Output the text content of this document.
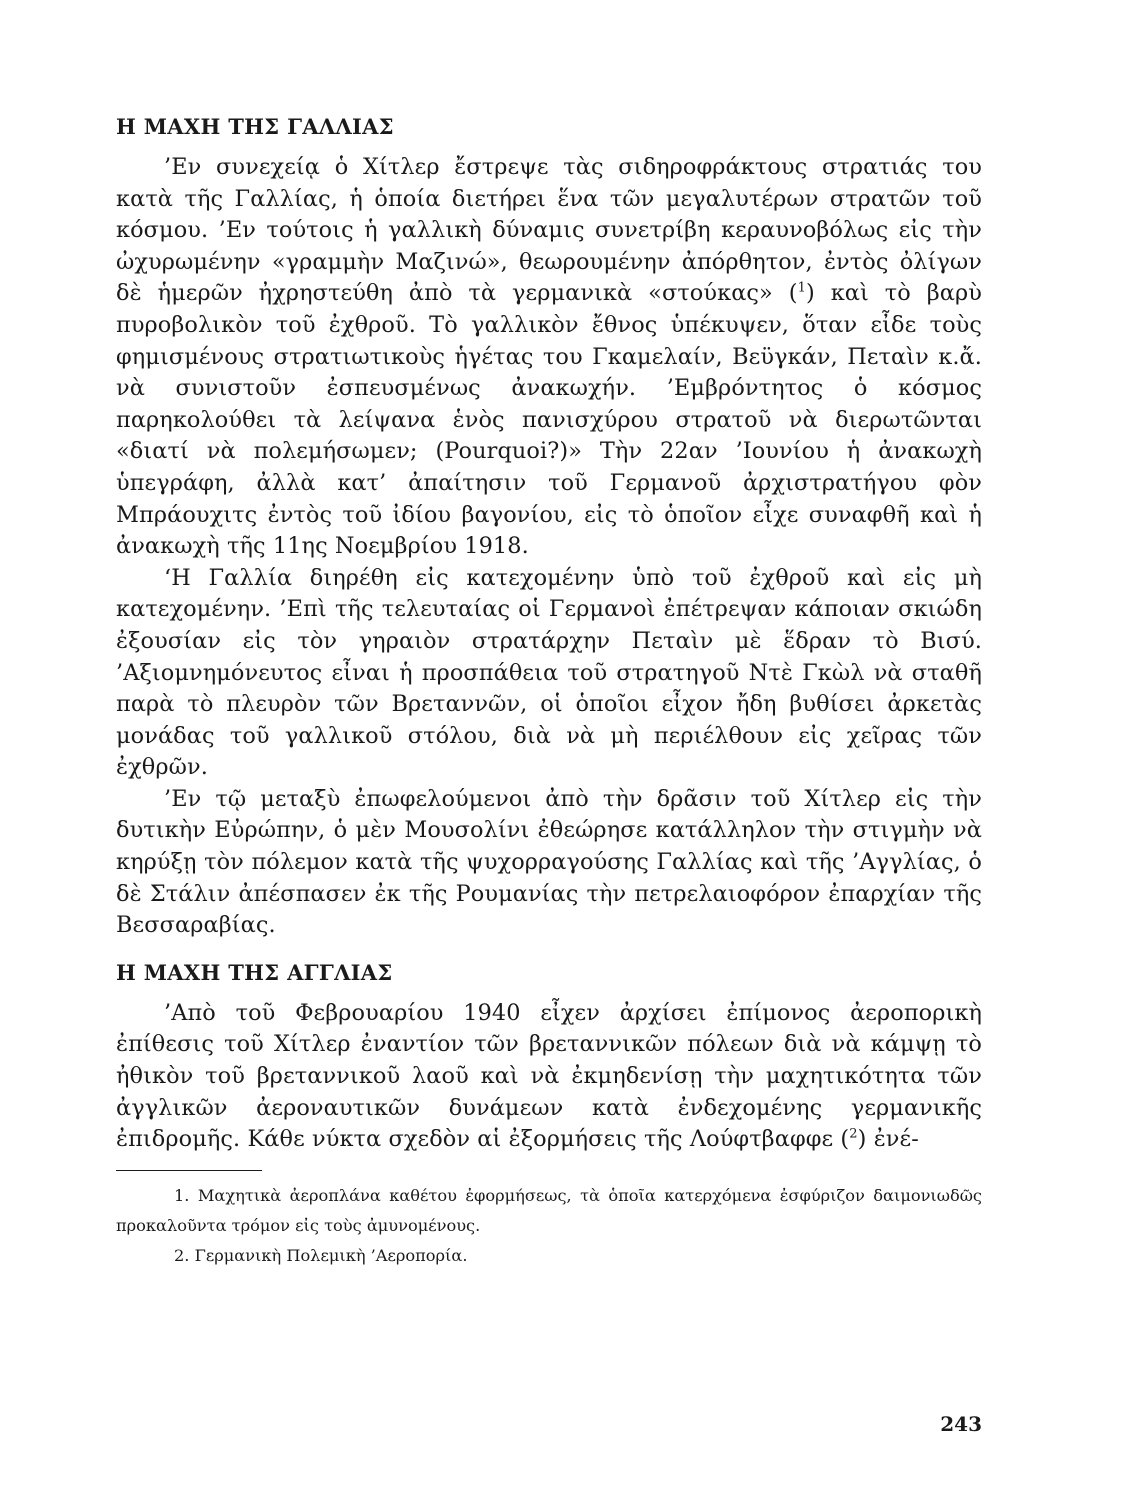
Η ΜΑΧΗ ΤΗΣ ΓΑΛΛΙΑΣ

’Εν συνεχείᾳ ὁ Χίτλερ ἔστρεψε τὰς σιδηροφράκτους στρατιάς του κατὰ τῆς Γαλλίας, ἡ ὁποία διετήρει ἕνα τῶν μεγαλυτέρων στρατῶν τοῦ κόσμου. ’Εν τούτοις ἡ γαλλικὴ δύναμις συνετρίβη κεραυνοβόλως εἰς τὴν ὠχυρωμένην «γραμμὴν Μαζινώ», θεωρουμένην ἀπόρθητον, ἐντὸς ὀλίγων δὲ ἡμερῶν ἠχρηστεύθη ἀπὸ τὰ γερμανικὰ «στούκας» ($^1$) καὶ τὸ βαρὺ πυροβολικὸν τοῦ ἐχθροῦ. Τὸ γαλλικὸν ἔθνος ὑπέκυψεν, ὅταν εἶδε τοὺς φημισμένους στρατιωτικοὺς ἡγέτας του Γκαμελαίν, Βεϋγκάν, Πεταὶν κ.ἄ. νὰ συνιστοῦν ἐσπευσμένως ἀνακωχήν. ’Εμβρόντητος ὁ κόσμος παρηκολούθει τὰ λείψανα ἑνὸς πανισχύρου στρατοῦ νὰ διερωτῶνται «διατί νὰ πολεμήσωμεν; (Pourquoi?)» Τὴν 22αν ’Ιουνίου ἡ ἀνακωχὴ ὑπεγράφη, ἀλλὰ κατ’ ἀπαίτησιν τοῦ Γερμανοῦ ἀρχιστρατήγου φὸν Μπράουχιτς ἐντὸς τοῦ ἰδίου βαγονίου, εἰς τὸ ὁποῖον εἶχε συναφθῆ καὶ ἡ ἀνακωχὴ τῆς 11ης Νοεμβρίου 1918.

‘Η Γαλλία διηρέθη εἰς κατεχομένην ὑπὸ τοῦ ἐχθροῦ καὶ εἰς μὴ κατεχομένην. ’Επὶ τῆς τελευταίας οἱ Γερμανοὶ ἐπέτρεψαν κάποιαν σκιώδη ἐξουσίαν εἰς τὸν γηραιὸν στρατάρχην Πεταὶν μὲ ἕδραν τὸ Βισύ. ’Αξιομνημόνευτος εἶναι ἡ προσπάθεια τοῦ στρατηγοῦ Ντὲ Γκὼλ νὰ σταθῆ παρὰ τὸ πλευρὸν τῶν Βρεταννῶν, οἱ ὁποῖοι εἶχον ἤδη βυθίσει ἀρκετὰς μονάδας τοῦ γαλλικοῦ στόλου, διὰ νὰ μὴ περιέλθουν εἰς χεῖρας τῶν ἐχθρῶν.

’Εν τῷ μεταξὺ ἐπωφελούμενοι ἀπὸ τὴν δρᾶσιν τοῦ Χίτλερ εἰς τὴν δυτικὴν Εὐρώπην, ὁ μὲν Μουσολίνι ἐθεώρησε κατάλληλον τὴν στιγμὴν νὰ κηρύξῃ τὸν πόλεμον κατὰ τῆς ψυχορραγούσης Γαλλίας καὶ τῆς ’Αγγλίας, ὁ δὲ Στάλιν ἀπέσπασεν ἐκ τῆς Ρουμανίας τὴν πετρελαιοφόρον ἐπαρχίαν τῆς Βεσσαραβίας.

Η ΜΑΧΗ ΤΗΣ ΑΓΓΛΙΑΣ

’Απὸ τοῦ Φεβρουαρίου 1940 εἶχεν ἀρχίσει ἐπίμονος ἀεροπορικὴ ἐπίθεσις τοῦ Χίτλερ ἐναντίον τῶν βρεταννικῶν πόλεων διὰ νὰ κάμψῃ τὸ ἠθικὸν τοῦ βρεταννικοῦ λαοῦ καὶ νὰ ἐκμηδενίσῃ τὴν μαχητικότητα τῶν ἀγγλικῶν ἀεροναυτικῶν δυνάμεων κατὰ ἐνδεχομένης γερμανικῆς ἐπιδρομῆς. Κάθε νύκτα σχεδὸν αἱ ἐξορμήσεις τῆς Λούφτβαφφε ($^2$) ἐνέ-

1. Μαχητικὰ ἀεροπλάνα καθέτου ἐφορμήσεως, τὰ ὁποῖα κατερχόμενα ἐσφύριζον δαιμονιωδῶς προκαλοῦντα τρόμον εἰς τοὺς ἀμυνομένους.

2. Γερμανικὴ Πολεμικὴ ’Αεροπορία.

243
